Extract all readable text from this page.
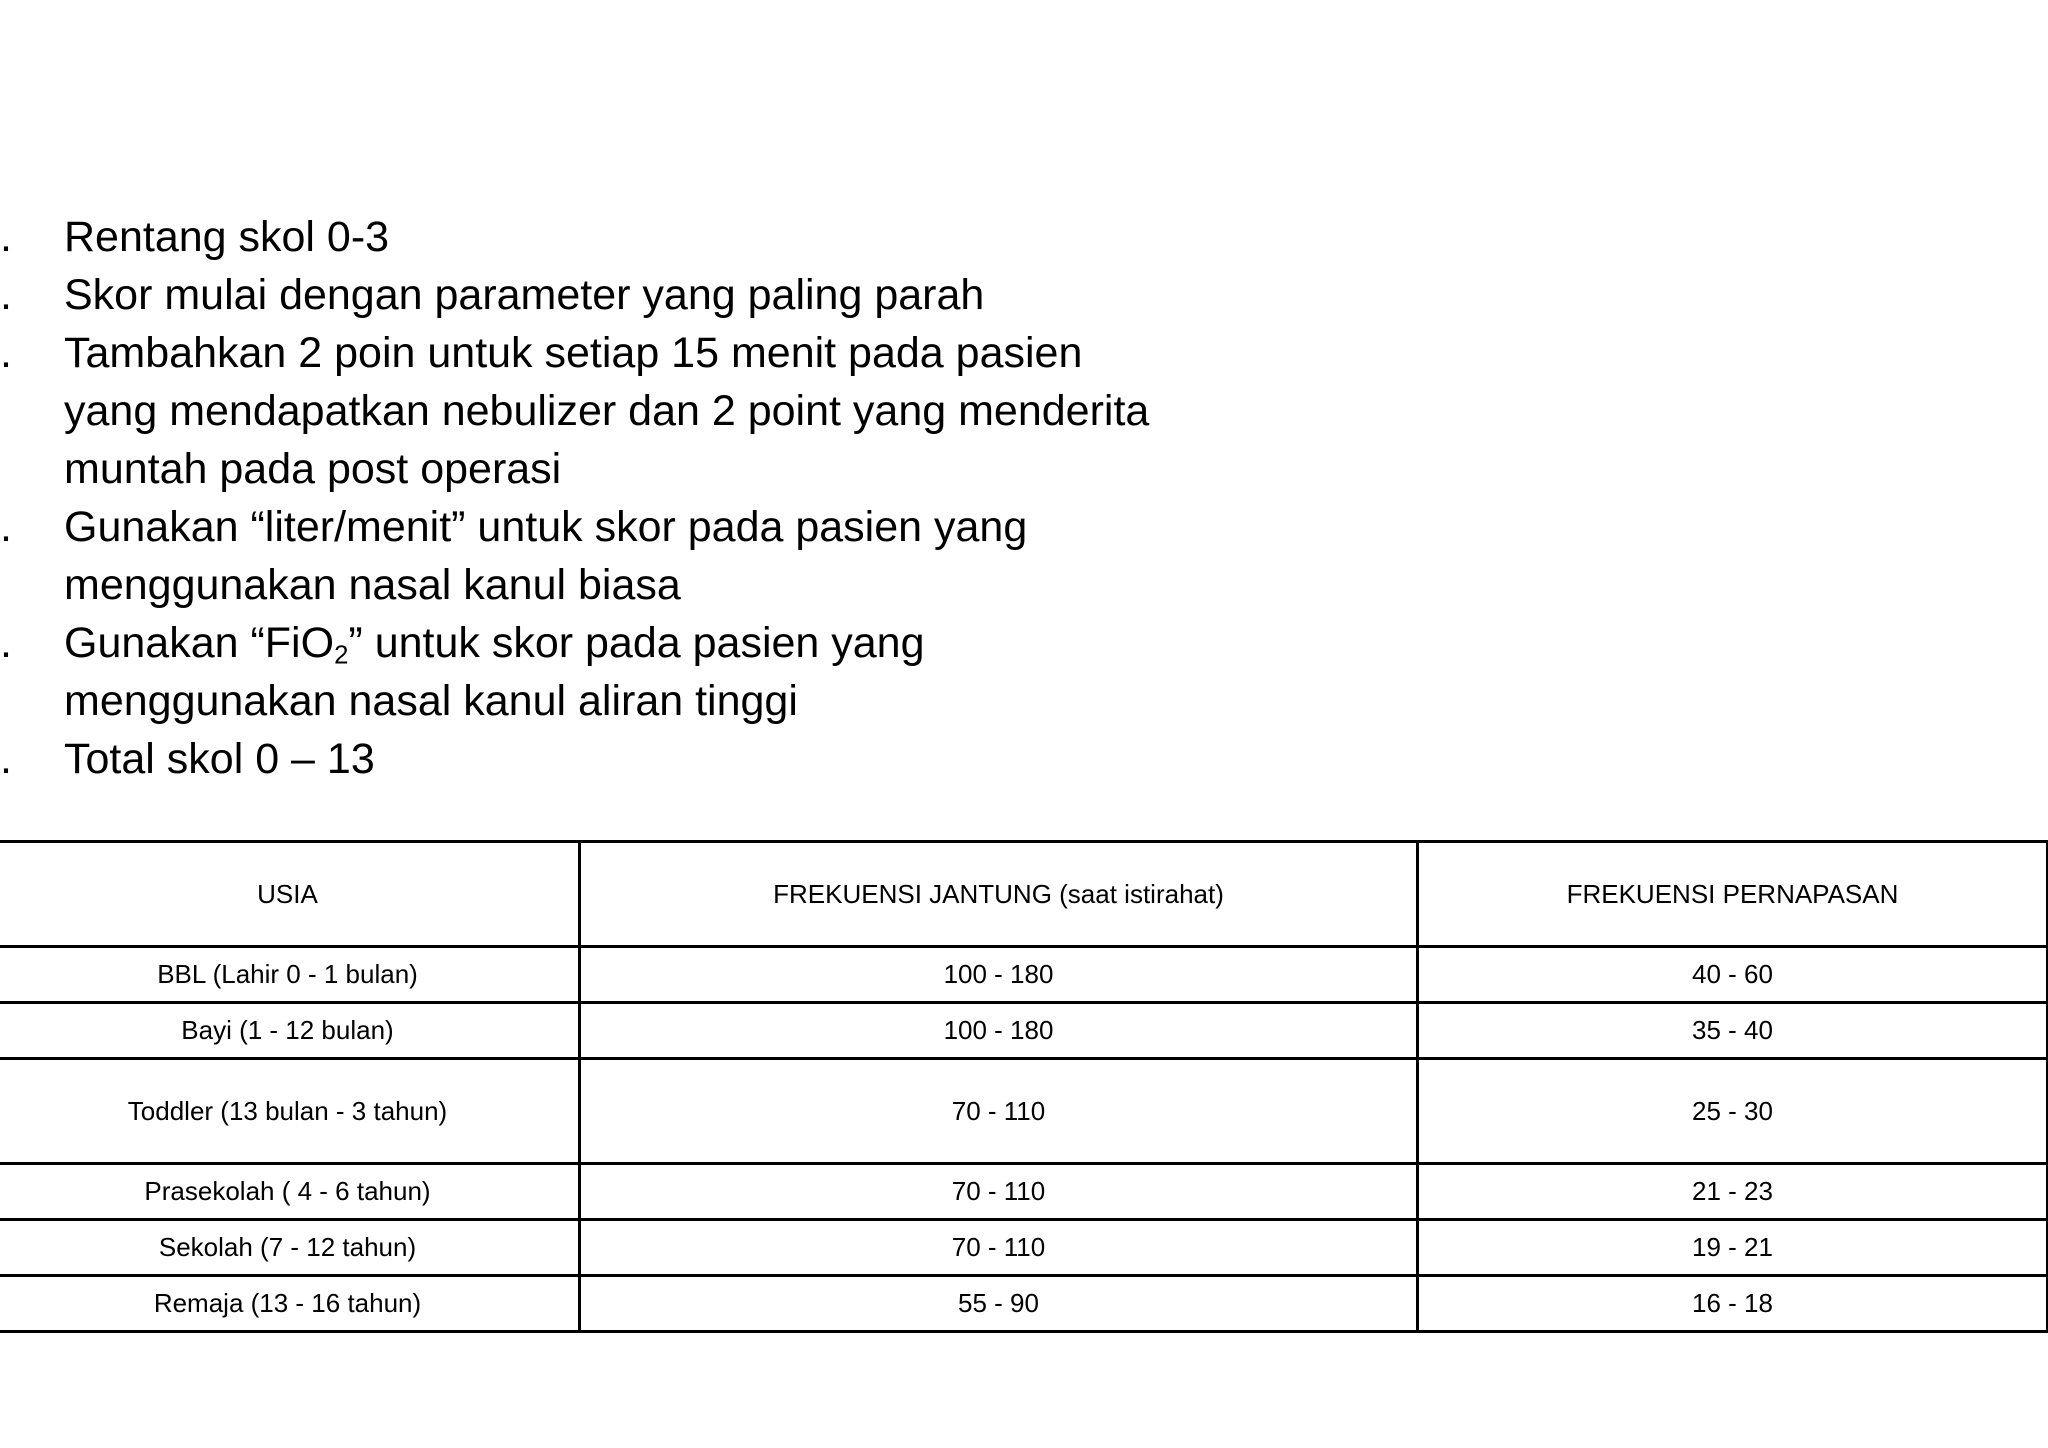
. Rentang skol 0-3
. Skor mulai dengan parameter yang paling parah
. Tambahkan 2 poin untuk setiap 15 menit pada pasien yang mendapatkan nebulizer dan 2 point yang menderita muntah pada post operasi
. Gunakan “liter/menit” untuk skor pada pasien yang menggunakan nasal kanul biasa
. Gunakan “FiO$_2$” untuk skor pada pasien yang menggunakan nasal kanul aliran tinggi
. Total skol 0 – 13
USIA	FREKUENSI JANTUNG (saat istirahat)	FREKUENSI PERNAPASAN
BBL (Lahir 0 - 1 bulan)	100 - 180	40 - 60
Bayi (1 - 12 bulan)	100 - 180	35 - 40
Toddler (13 bulan - 3 tahun)	70 - 110	25 - 30
Prasekolah ( 4 - 6 tahun)	70 - 110	21 - 23
Sekolah (7 - 12 tahun)	70 - 110	19 - 21
Remaja (13 - 16 tahun)	55 - 90	16 - 18
